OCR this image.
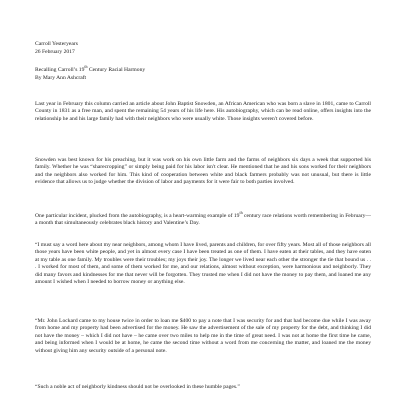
Carroll Yesteryears
26 February 2017
Recalling Carroll’s 19th Century Racial Harmony
By Mary Ann Ashcraft
Last year in February this column carried an article about John Baptist Snowden, an African American who was born a slave in 1801, came to Carroll County in 1831 as a free man, and spent the remaining 54 years of his life here. His autobiography, which can be read online, offers insights into the relationship he and his large family had with their neighbors who were usually white. Those insights weren't covered before.
Snowden was best known for his preaching, but it was work on his own little farm and the farms of neighbors six days a week that supported his family. Whether he was “sharecropping” or simply being paid for his labor isn't clear. He mentioned that he and his sons worked for their neighbors and the neighbors also worked for him. This kind of cooperation between white and black farmers probably was not unusual, but there is little evidence that allows us to judge whether the division of labor and payments for it were fair to both parties involved.
One particular incident, plucked from the autobiography, is a heart-warming example of 19th century race relations worth remembering in February—a month that simultaneously celebrates black history and Valentine’s Day.
“I must say a word here about my near neighbors, among whom I have lived, parents and children, for over fifty years. Most all of those neighbors all those years have been white people, and yet in almost every case I have been treated as one of them. I have eaten at their tables, and they have eaten at my table as one family. My troubles were their troubles; my joys their joy. The longer we lived near each other the stronger the tie that bound us . . . I worked for most of them, and some of them worked for me, and our relations, almost without exception, were harmonious and neighborly. They did many favors and kindnesses for me that never will be forgotten. They trusted me when I did not have the money to pay them, and loaned me any amount I wished when I needed to borrow money or anything else.
“Mr. John Lockard came to my house twice in order to loan me $400 to pay a note that I was security for and that had become due while I was away from home and my property had been advertised for the money. He saw the advertisement of the sale of my property for the debt, and thinking I did not have the money – which I did not have – he came over two miles to help me in the time of great need. I was not at home the first time he came, and being informed when I would be at home, he came the second time without a word from me concerning the matter, and loaned me the money without giving him any security outside of a personal note.
“Such a noble act of neighborly kindness should not be overlooked in these humble pages.”
